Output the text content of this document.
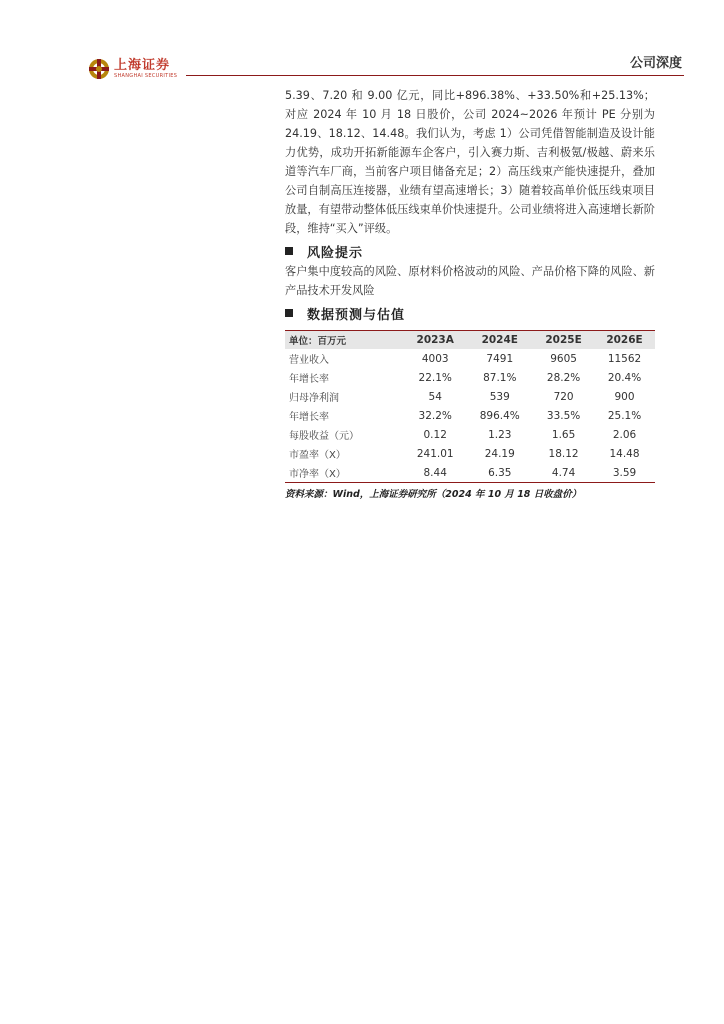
上海证券
SHANGHAI SECURITIES
公司深度

5.39、7.20 和 9.00 亿元，同比+896.38%、+33.50%和+25.13%；对应 2024 年 10 月 18 日股价，公司 2024~2026 年预计 PE 分别为 24.19、18.12、14.48。我们认为，考虑 1）公司凭借智能制造及设计能力优势，成功开拓新能源车企客户，引入赛力斯、吉利极氪/极越、蔚来乐道等汽车厂商，当前客户项目储备充足；2）高压线束产能快速提升，叠加公司自制高压连接器，业绩有望高速增长；3）随着较高单价低压线束项目放量，有望带动整体低压线束单价快速提升。公司业绩将进入高速增长新阶段，维持“买入”评级。

风险提示

客户集中度较高的风险、原材料价格波动的风险、产品价格下降的风险、新产品技术开发风险

数据预测与估值
单位：百万元	2023A	2024E	2025E	2026E
营业收入	4003	7491	9605	11562
年增长率	22.1%	87.1%	28.2%	20.4%
归母净利润	54	539	720	900
年增长率	32.2%	896.4%	33.5%	25.1%
每股收益（元）	0.12	1.23	1.65	2.06
市盈率（X）	241.01	24.19	18.12	14.48
市净率（X）	8.44	6.35	4.74	3.59
资料来源：Wind，上海证券研究所（2024 年 10 月 18 日收盘价）
